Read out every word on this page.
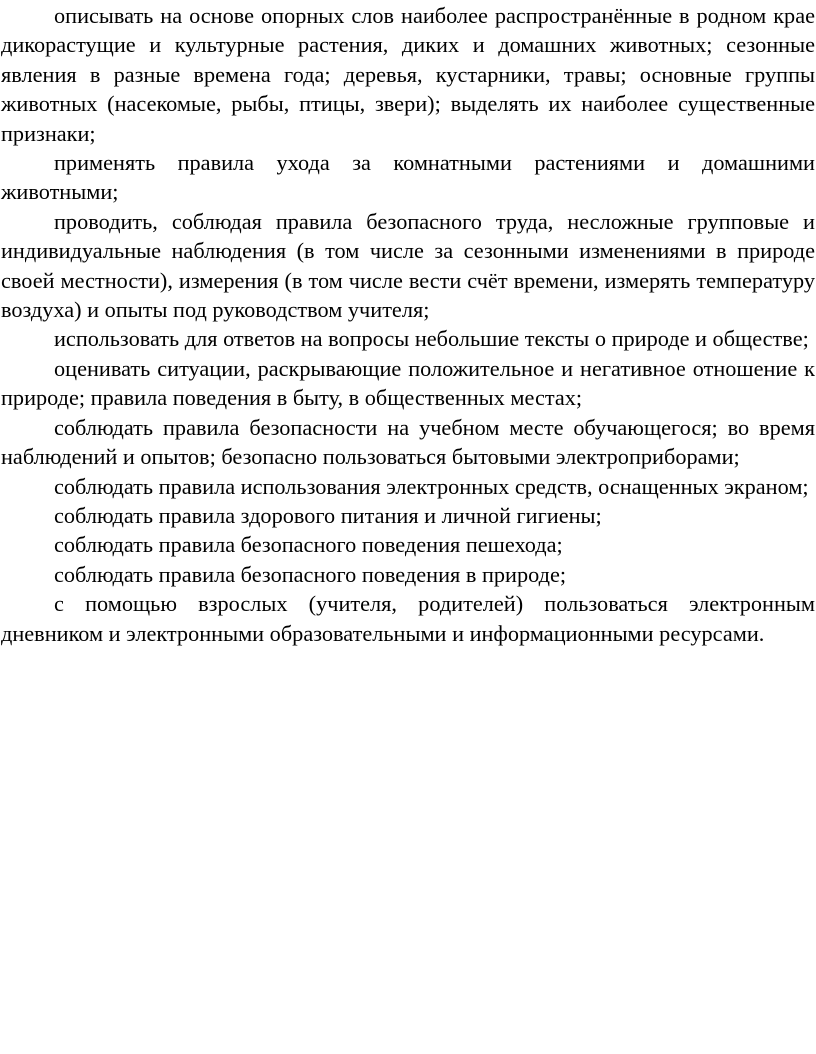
описывать на основе опорных слов наиболее распространённые в родном крае дикорастущие и культурные растения, диких и домашних животных; сезонные явления в разные времена года; деревья, кустарники, травы; основные группы животных (насекомые, рыбы, птицы, звери); выделять их наиболее существенные признаки;

применять правила ухода за комнатными растениями и домашними животными;

проводить, соблюдая правила безопасного труда, несложные групповые и индивидуальные наблюдения (в том числе за сезонными изменениями в природе своей местности), измерения (в том числе вести счёт времени, измерять температуру воздуха) и опыты под руководством учителя;

использовать для ответов на вопросы небольшие тексты о природе и обществе;

оценивать ситуации, раскрывающие положительное и негативное отношение к природе; правила поведения в быту, в общественных местах;

соблюдать правила безопасности на учебном месте обучающегося; во время наблюдений и опытов; безопасно пользоваться бытовыми электроприборами;

соблюдать правила использования электронных средств, оснащенных экраном;

соблюдать правила здорового питания и личной гигиены;

соблюдать правила безопасного поведения пешехода;

соблюдать правила безопасного поведения в природе;

с помощью взрослых (учителя, родителей) пользоваться электронным дневником и электронными образовательными и информационными ресурсами.
